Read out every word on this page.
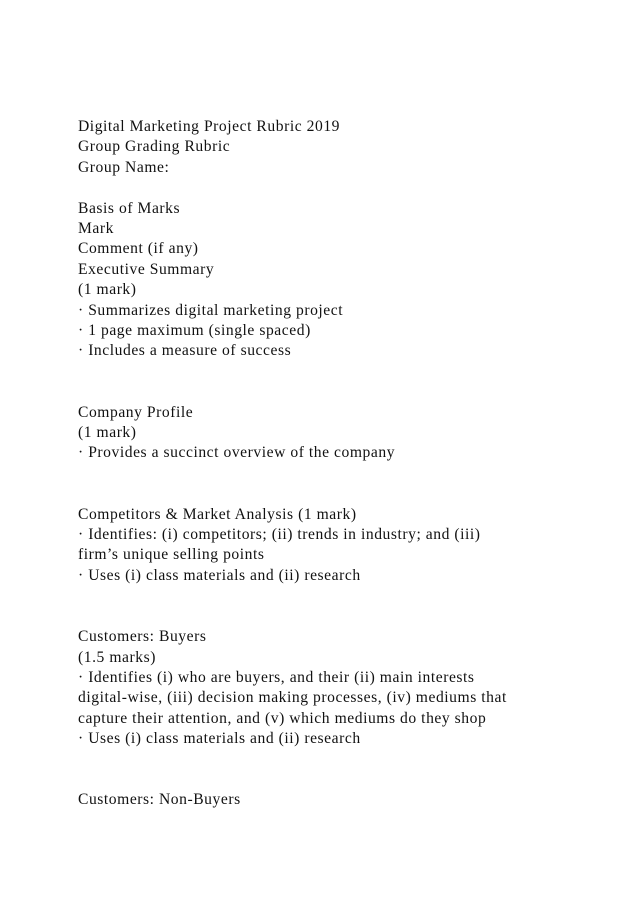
Digital Marketing Project Rubric 2019
Group Grading Rubric
Group Name:
Basis of Marks
Mark
Comment (if any)
Executive Summary
(1 mark)
· Summarizes digital marketing project
· 1 page maximum (single spaced)
· Includes a measure of success
Company Profile
(1 mark)
· Provides a succinct overview of the company
Competitors & Market Analysis (1 mark)
· Identifies: (i) competitors; (ii) trends in industry; and (iii)
firm’s unique selling points
· Uses (i) class materials and (ii) research
Customers: Buyers
(1.5 marks)
· Identifies (i) who are buyers, and their (ii) main interests
digital-wise, (iii) decision making processes, (iv) mediums that
capture their attention, and (v) which mediums do they shop
· Uses (i) class materials and (ii) research
Customers: Non-Buyers
